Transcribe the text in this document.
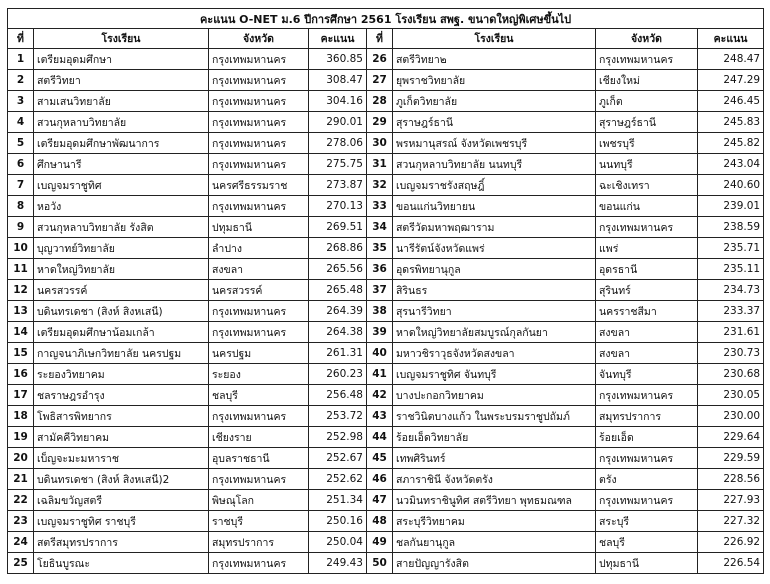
คะแนน O-NET ม.6 ปีการศึกษา 2561 โรงเรียน สพฐ. ขนาดใหญ่พิเศษขึ้นไป							
ที่	โรงเรียน	จังหวัด	คะแนน	ที่	โรงเรียน	จังหวัด	คะแนน
1	เตรียมอุดมศึกษา	กรุงเทพมหานคร	360.85	26	สตรีวิทยา๒	กรุงเทพมหานคร	248.47
2	สตรีวิทยา	กรุงเทพมหานคร	308.47	27	ยุพราชวิทยาลัย	เชียงใหม่	247.29
3	สามเสนวิทยาลัย	กรุงเทพมหานคร	304.16	28	ภูเก็ตวิทยาลัย	ภูเก็ต	246.45
4	สวนกุหลาบวิทยาลัย	กรุงเทพมหานคร	290.01	29	สุราษฎร์ธานี	สุราษฎร์ธานี	245.83
5	เตรียมอุดมศึกษาพัฒนาการ	กรุงเทพมหานคร	278.06	30	พรหมานุสรณ์ จังหวัดเพชรบุรี	เพชรบุรี	245.82
6	ศึกษานารี	กรุงเทพมหานคร	275.75	31	สวนกุหลาบวิทยาลัย นนทบุรี	นนทบุรี	243.04
7	เบญจมราชูทิศ	นครศรีธรรมราช	273.87	32	เบญจมราชรังสฤษฎิ์	ฉะเชิงเทรา	240.60
8	หอวัง	กรุงเทพมหานคร	270.13	33	ขอนแก่นวิทยายน	ขอนแก่น	239.01
9	สวนกุหลาบวิทยาลัย รังสิต	ปทุมธานี	269.51	34	สตรีวัดมหาพฤฒาราม	กรุงเทพมหานคร	238.59
10	บุญวาทย์วิทยาลัย	ลำปาง	268.86	35	นารีรัตน์จังหวัดแพร่	แพร่	235.71
11	หาดใหญ่วิทยาลัย	สงขลา	265.56	36	อุดรพิทยานุกูล	อุดรธานี	235.11
12	นครสวรรค์	นครสวรรค์	265.48	37	สิรินธร	สุรินทร์	234.73
13	บดินทรเดชา (สิงห์ สิงหเสนี)	กรุงเทพมหานคร	264.39	38	สุรนารีวิทยา	นครราชสีมา	233.37
14	เตรียมอุดมศึกษาน้อมเกล้า	กรุงเทพมหานคร	264.38	39	หาดใหญ่วิทยาลัยสมบูรณ์กุลกันยา	สงขลา	231.61
15	กาญจนาภิเษกวิทยาลัย นครปฐม	นครปฐม	261.31	40	มหาวชิราวุธจังหวัดสงขลา	สงขลา	230.73
16	ระยองวิทยาคม	ระยอง	260.23	41	เบญจมราชูทิศ จันทบุรี	จันทบุรี	230.68
17	ชลราษฎรอำรุง	ชลบุรี	256.48	42	บางปะกอกวิทยาคม	กรุงเทพมหานคร	230.05
18	โพธิสารพิทยากร	กรุงเทพมหานคร	253.72	43	ราชวินิตบางแก้ว ในพระบรมราชูปถัมภ์	สมุทรปราการ	230.00
19	สามัคคีวิทยาคม	เชียงราย	252.98	44	ร้อยเอ็ดวิทยาลัย	ร้อยเอ็ด	229.64
20	เบ็ญจะมะมหาราช	อุบลราชธานี	252.67	45	เทพศิรินทร์	กรุงเทพมหานคร	229.59
21	บดินทรเดชา (สิงห์ สิงหเสนี)2	กรุงเทพมหานคร	252.62	46	สภาราชินี จังหวัดตรัง	ตรัง	228.56
22	เฉลิมขวัญสตรี	พิษณุโลก	251.34	47	นวมินทราชินูทิศ สตรีวิทยา พุทธมณฑล	กรุงเทพมหานคร	227.93
23	เบญจมราชูทิศ ราชบุรี	ราชบุรี	250.16	48	สระบุรีวิทยาคม	สระบุรี	227.32
24	สตรีสมุทรปราการ	สมุทรปราการ	250.04	49	ชลกันยานุกูล	ชลบุรี	226.92
25	โยธินบูรณะ	กรุงเทพมหานคร	249.43	50	สายปัญญารังสิต	ปทุมธานี	226.54
